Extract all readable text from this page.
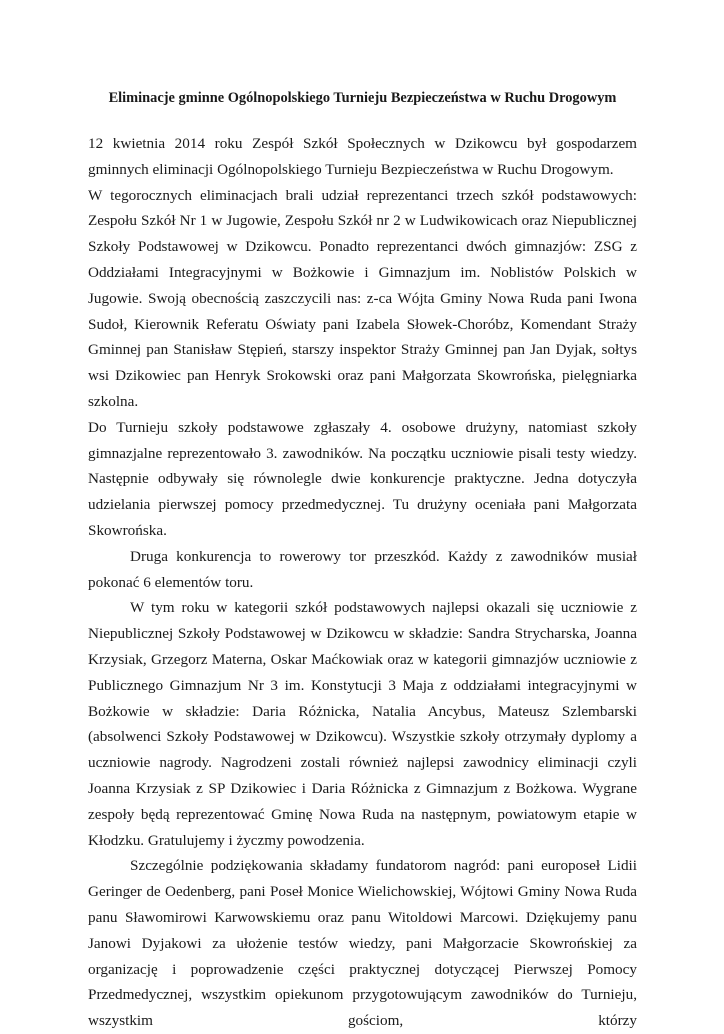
Eliminacje gminne Ogólnopolskiego Turnieju Bezpieczeństwa w Ruchu Drogowym

12 kwietnia 2014 roku Zespół Szkół Społecznych w Dzikowcu był gospodarzem gminnych eliminacji Ogólnopolskiego Turnieju Bezpieczeństwa w Ruchu Drogowym.

W tegorocznych eliminacjach brali udział reprezentanci trzech szkół podstawowych: Zespołu Szkół Nr 1 w Jugowie, Zespołu Szkół nr 2 w Ludwikowicach oraz Niepublicznej Szkoły Podstawowej w Dzikowcu. Ponadto reprezentanci dwóch gimnazjów: ZSG z Oddziałami Integracyjnymi w Bożkowie i Gimnazjum im. Noblistów Polskich w Jugowie. Swoją obecnością zaszczycili nas: z-ca Wójta Gminy Nowa Ruda pani Iwona Sudoł, Kierownik Referatu Oświaty pani Izabela Słowek-Choróbz, Komendant Straży Gminnej pan Stanisław Stępień, starszy inspektor Straży Gminnej pan Jan Dyjak, sołtys wsi Dzikowiec pan Henryk Srokowski oraz pani Małgorzata Skowrońska, pielęgniarka szkolna.

Do Turnieju szkoły podstawowe zgłaszały 4. osobowe drużyny, natomiast szkoły gimnazjalne reprezentowało 3. zawodników. Na początku uczniowie pisali testy wiedzy. Następnie odbywały się równolegle dwie konkurencje praktyczne. Jedna dotyczyła udzielania pierwszej pomocy przedmedycznej. Tu drużyny oceniała pani Małgorzata Skowrońska.

Druga konkurencja to rowerowy tor przeszkód. Każdy z zawodników musiał pokonać 6 elementów toru.

W tym roku w kategorii szkół podstawowych najlepsi okazali się uczniowie z Niepublicznej Szkoły Podstawowej w Dzikowcu w składzie: Sandra Strycharska, Joanna Krzysiak, Grzegorz Materna, Oskar Maćkowiak oraz w kategorii gimnazjów uczniowie z Publicznego Gimnazjum Nr 3 im. Konstytucji 3 Maja z oddziałami integracyjnymi w Bożkowie w składzie: Daria Różnicka, Natalia Ancybus, Mateusz Szlembarski (absolwenci Szkoły Podstawowej w Dzikowcu). Wszystkie szkoły otrzymały dyplomy a uczniowie nagrody. Nagrodzeni zostali również najlepsi zawodnicy eliminacji czyli Joanna Krzysiak z SP Dzikowiec i Daria Różnicka z Gimnazjum z Bożkowa. Wygrane zespoły będą reprezentować Gminę Nowa Ruda na następnym, powiatowym etapie w Kłodzku. Gratulujemy i życzmy powodzenia.

Szczególnie podziękowania składamy fundatorom nagród: pani europoseł Lidii Geringer de Oedenberg, pani Poseł Monice Wielichowskiej, Wójtowi Gminy Nowa Ruda panu Sławomirowi Karwowskiemu oraz panu Witoldowi Marcowi. Dziękujemy panu Janowi Dyjakowi za ułożenie testów wiedzy, pani Małgorzacie Skowrońskiej za organizację i poprowadzenie części praktycznej dotyczącej Pierwszej Pomocy Przedmedycznej, wszystkim opiekunom przygotowującym zawodników do Turnieju, wszystkim gościom, którzy
